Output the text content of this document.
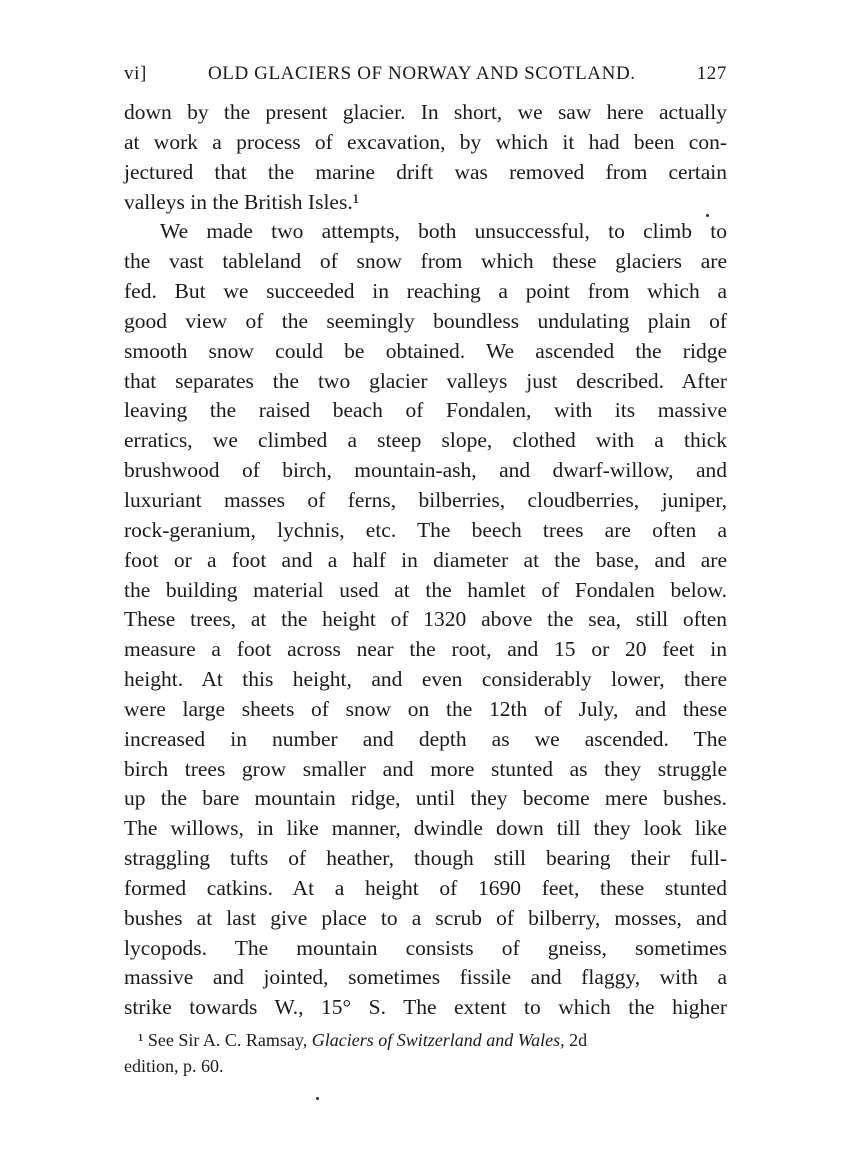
vi]	OLD GLACIERS OF NORWAY AND SCOTLAND.	127
down by the present glacier. In short, we saw here actually
at work a process of excavation, by which it had been con-
jectured that the marine drift was removed from certain
valleys in the British Isles.¹
We made two attempts, both unsuccessful, to climb to
the vast tableland of snow from which these glaciers are
fed. But we succeeded in reaching a point from which a
good view of the seemingly boundless undulating plain of
smooth snow could be obtained. We ascended the ridge
that separates the two glacier valleys just described. After
leaving the raised beach of Fondalen, with its massive
erratics, we climbed a steep slope, clothed with a thick
brushwood of birch, mountain-ash, and dwarf-willow, and
luxuriant masses of ferns, bilberries, cloudberries, juniper,
rock-geranium, lychnis, etc. The beech trees are often a
foot or a foot and a half in diameter at the base, and are
the building material used at the hamlet of Fondalen below.
These trees, at the height of 1320 above the sea, still often
measure a foot across near the root, and 15 or 20 feet in
height. At this height, and even considerably lower, there
were large sheets of snow on the 12th of July, and these
increased in number and depth as we ascended. The
birch trees grow smaller and more stunted as they struggle
up the bare mountain ridge, until they become mere bushes.
The willows, in like manner, dwindle down till they look like
straggling tufts of heather, though still bearing their full-
formed catkins. At a height of 1690 feet, these stunted
bushes at last give place to a scrub of bilberry, mosses, and
lycopods. The mountain consists of gneiss, sometimes
massive and jointed, sometimes fissile and flaggy, with a
strike towards W., 15° S. The extent to which the higher
¹ See Sir A. C. Ramsay, Glaciers of Switzerland and Wales, 2d
edition, p. 60.
